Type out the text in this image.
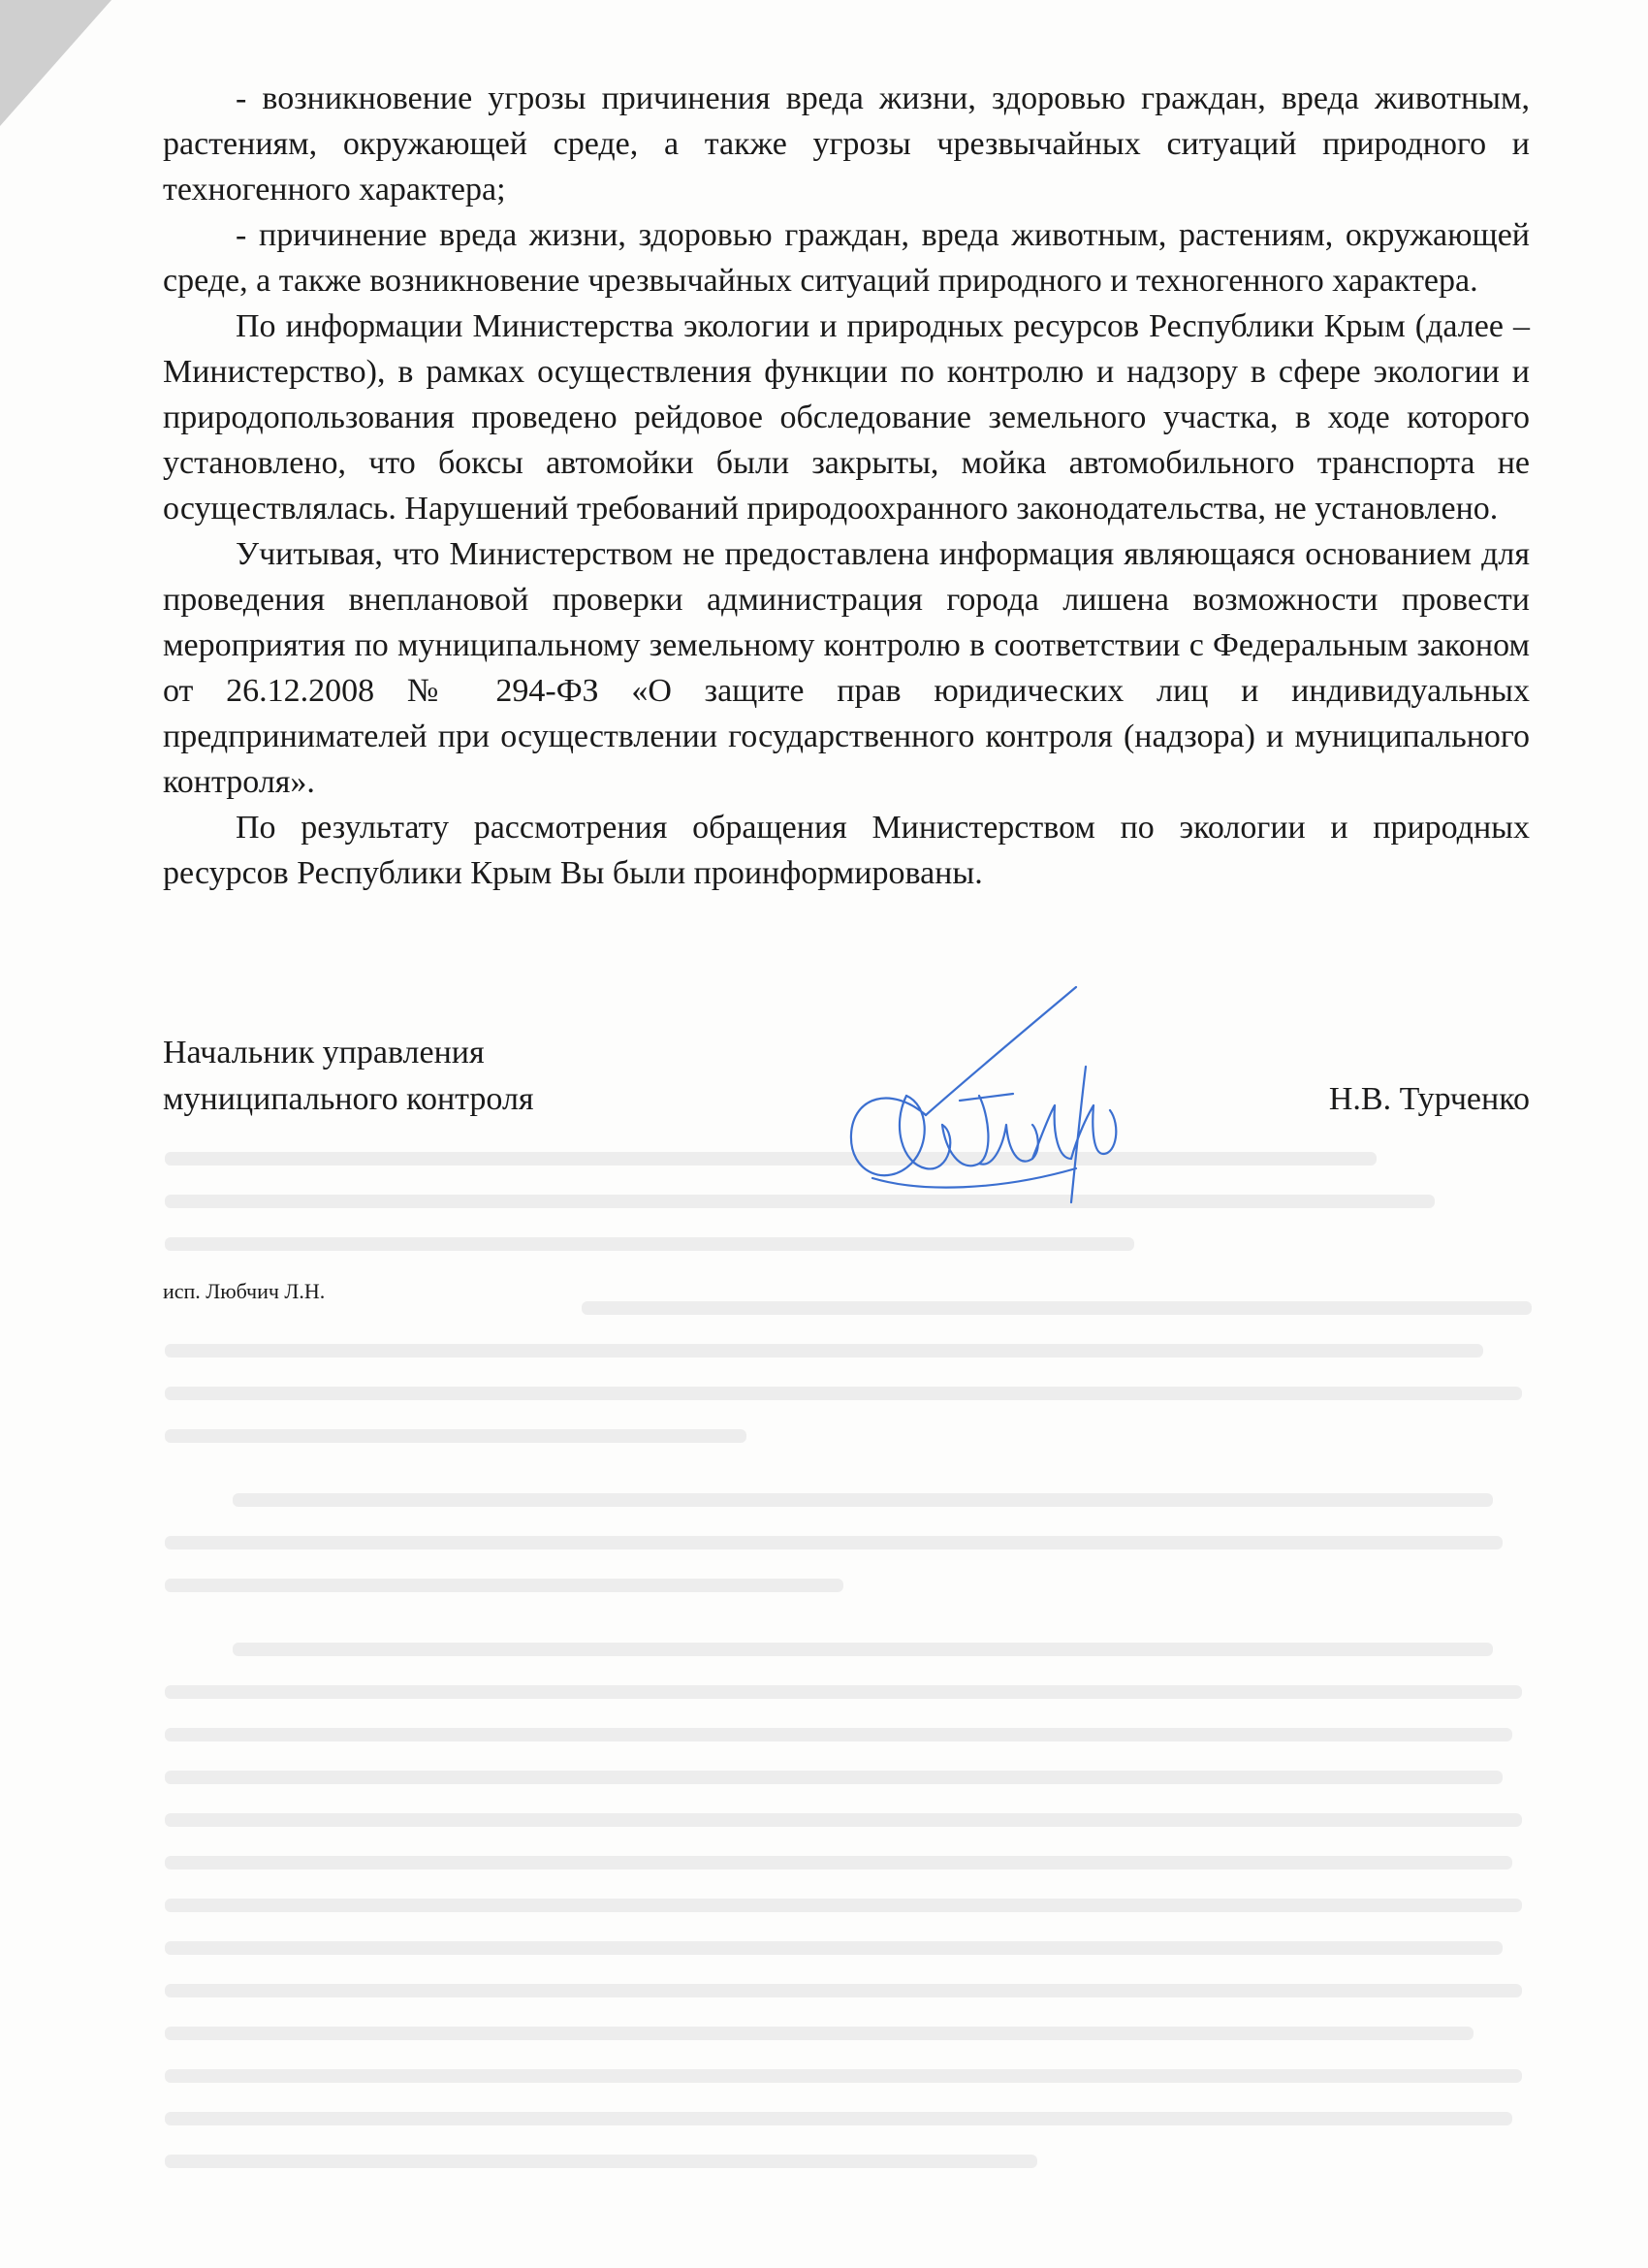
- возникновение угрозы причинения вреда жизни, здоровью граждан, вреда животным, растениям, окружающей среде, а также угрозы чрезвычайных ситуаций природного и техногенного характера;

- причинение вреда жизни, здоровью граждан, вреда животным, растениям, окружающей среде, а также возникновение чрезвычайных ситуаций природного и техногенного характера.

По информации Министерства экологии и природных ресурсов Республики Крым (далее – Министерство), в рамках осуществления функции по контролю и надзору в сфере экологии и природопользования проведено рейдовое обследование земельного участка, в ходе которого установлено, что боксы автомойки были закрыты, мойка автомобильного транспорта не осуществлялась. Нарушений требований природоохранного законодательства, не установлено.

Учитывая, что Министерством не предоставлена информация являющаяся основанием для проведения внеплановой проверки администрация города лишена возможности провести мероприятия по муниципальному земельному контролю в соответствии с Федеральным законом от 26.12.2008 № 294-ФЗ «О защите прав юридических лиц и индивидуальных предпринимателей при осуществлении государственного контроля (надзора) и муниципального контроля».

По результату рассмотрения обращения Министерством по экологии и природных ресурсов Республики Крым Вы были проинформированы.

Начальник управления
муниципального контроля	Н.В. Турченко
исп. Любчич Л.Н.
